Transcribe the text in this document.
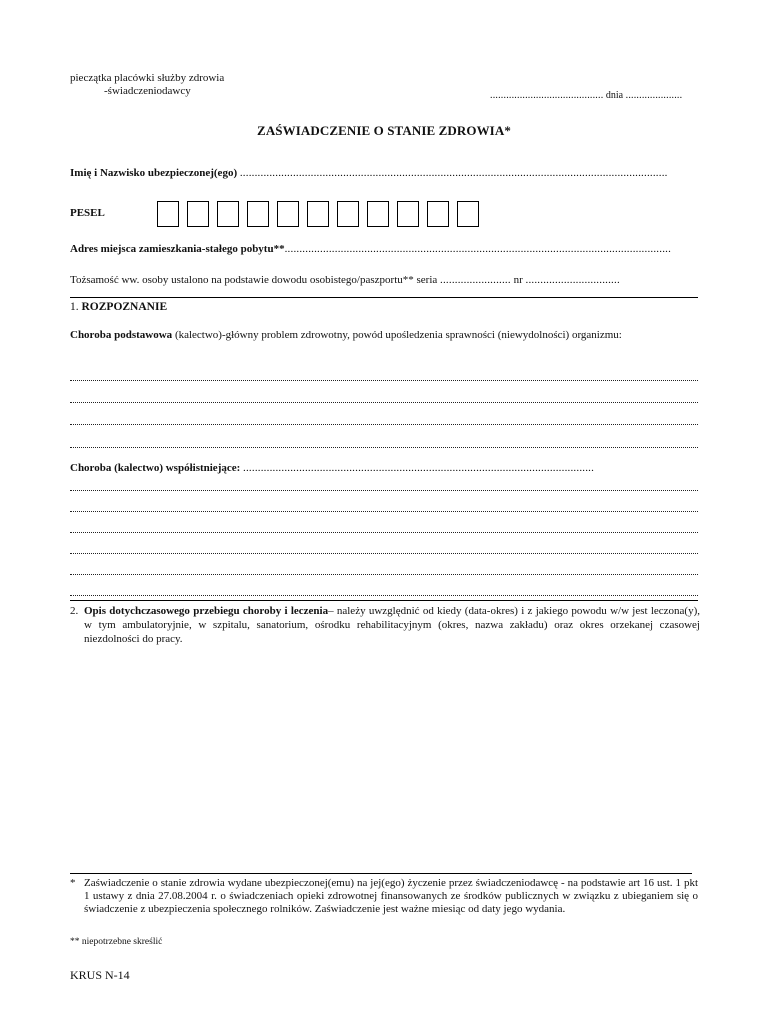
pieczątka placówki służby zdrowia
-świadczeniodawcy	.......................................... dnia .....................
ZAŚWIADCZENIE O STANIE ZDROWIA*
Imię i Nazwisko ubezpieczonej(ego) .................................................................................................................................................
PESEL
Adres miejsca zamieszkania-stałego pobytu**...................................................................................................................................
Tożsamość ww. osoby ustalono na podstawie dowodu osobistego/paszportu** seria ........................ nr ................................
1. ROZPOZNANIE
Choroba podstawowa (kalectwo)-główny problem zdrowotny, powód upośledzenia sprawności (niewydolności) organizmu:
Choroba (kalectwo) współistniejące: .......................................................................................................................
2. Opis dotychczasowego przebiegu choroby i leczenia– należy uwzględnić od kiedy (data-okres) i z jakiego powodu w/w jest leczona(y), w tym ambulatoryjnie, w szpitalu, sanatorium, ośrodku rehabilitacyjnym (okres, nazwa zakładu) oraz okres orzekanej czasowej niezdolności do pracy.
* Zaświadczenie o stanie zdrowia wydane ubezpieczonej(emu) na jej(ego) życzenie przez świadczeniodawcę - na podstawie art 16 ust. 1 pkt 1 ustawy z dnia 27.08.2004 r. o świadczeniach opieki zdrowotnej finansowanych ze środków publicznych w związku z ubieganiem się o świadczenie z ubezpieczenia społecznego rolników. Zaświadczenie jest ważne miesiąc od daty jego wydania.
** niepotrzebne skreślić
KRUS N-14
